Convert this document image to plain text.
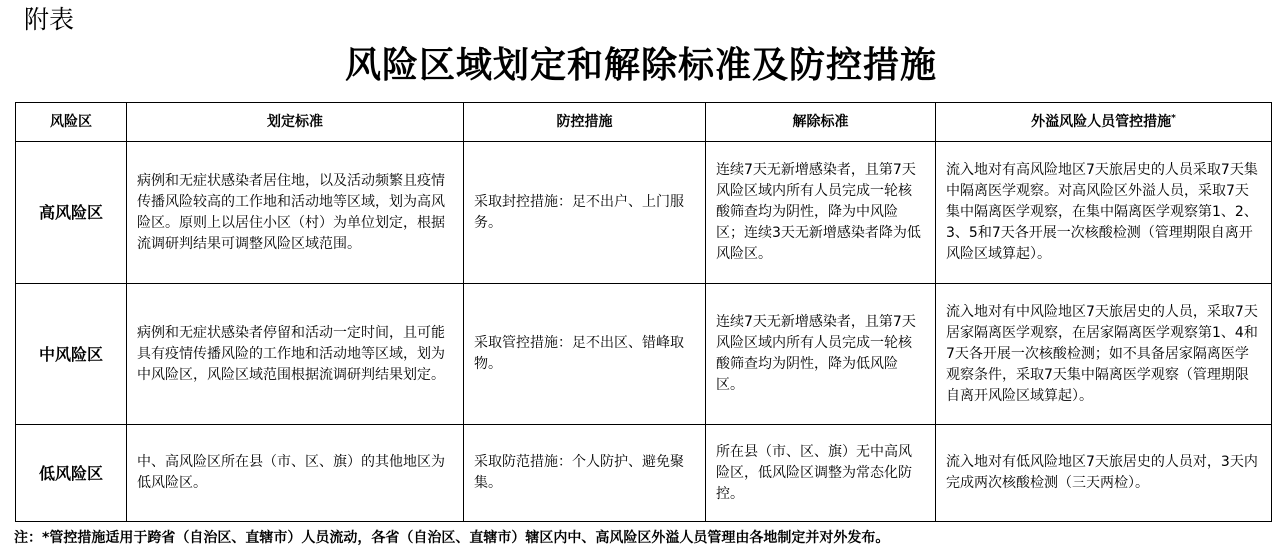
附表
风险区域划定和解除标准及防控措施
风险区	划定标准	防控措施	解除标准	外溢风险人员管控措施*
高风险区	病例和无症状感染者居住地，以及活动频繁且疫情传播风险较高的工作地和活动地等区域，划为高风险区。原则上以居住小区（村）为单位划定，根据流调研判结果可调整风险区域范围。	采取封控措施：足不出户、上门服务。	连续7天无新增感染者，且第7天风险区域内所有人员完成一轮核酸筛查均为阴性，降为中风险区；连续3天无新增感染者降为低风险区。	流入地对有高风险地区7天旅居史的人员采取7天集中隔离医学观察。对高风险区外溢人员，采取7天集中隔离医学观察，在集中隔离医学观察第1、2、3、5和7天各开展一次核酸检测（管理期限自离开风险区域算起）。
中风险区	病例和无症状感染者停留和活动一定时间，且可能具有疫情传播风险的工作地和活动地等区域，划为中风险区，风险区域范围根据流调研判结果划定。	采取管控措施：足不出区、错峰取物。	连续7天无新增感染者，且第7天风险区域内所有人员完成一轮核酸筛查均为阴性，降为低风险区。	流入地对有中风险地区7天旅居史的人员，采取7天居家隔离医学观察，在居家隔离医学观察第1、4和7天各开展一次核酸检测；如不具备居家隔离医学观察条件，采取7天集中隔离医学观察（管理期限自离开风险区域算起）。
低风险区	中、高风险区所在县（市、区、旗）的其他地区为低风险区。	采取防范措施：个人防护、避免聚集。	所在县（市、区、旗）无中高风险区，低风险区调整为常态化防控。	流入地对有低风险地区7天旅居史的人员对，3天内完成两次核酸检测（三天两检）。
注：*管控措施适用于跨省（自治区、直辖市）人员流动，各省（自治区、直辖市）辖区内中、高风险区外溢人员管理由各地制定并对外发布。
